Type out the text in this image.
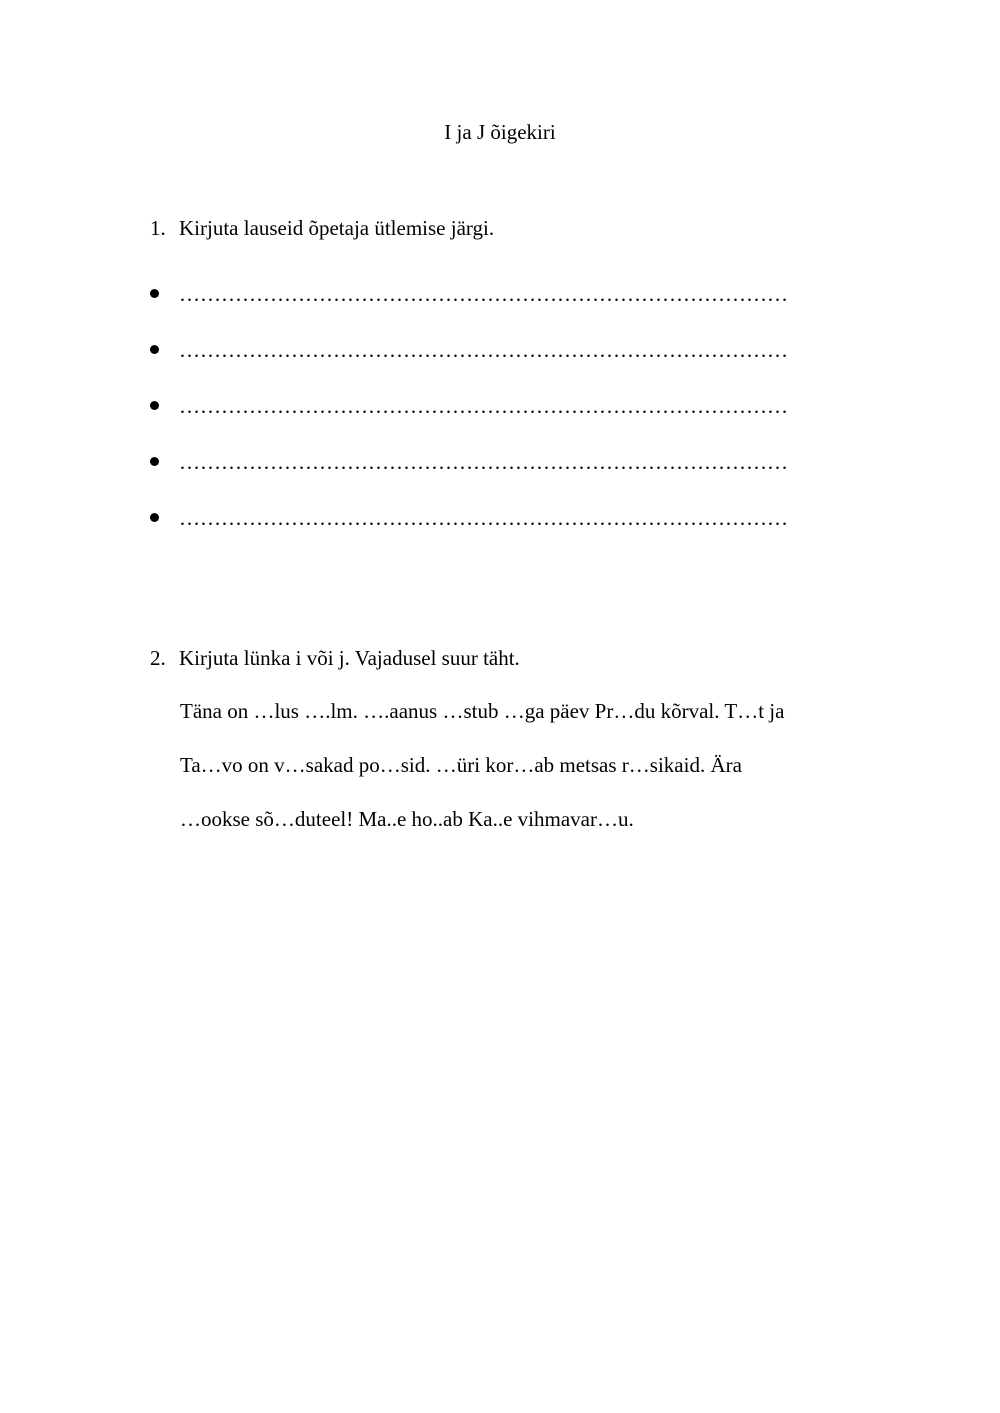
I ja J õigekiri
1. Kirjuta lauseid õpetaja ütlemise järgi.
……………………………………………………………………………
……………………………………………………………………………
……………………………………………………………………………
……………………………………………………………………………
……………………………………………………………………………
2. Kirjuta lünka i või j. Vajadusel suur täht.
Täna on …lus ….lm. ….aanus …stub …ga päev Pr…du kõrval. T…t ja
Ta…vo on v…sakad po…sid. …üri kor…ab metsas r…sikaid. Ära
…ookse sõ…duteel! Ma..e ho..ab Ka..e vihmavar…u.
